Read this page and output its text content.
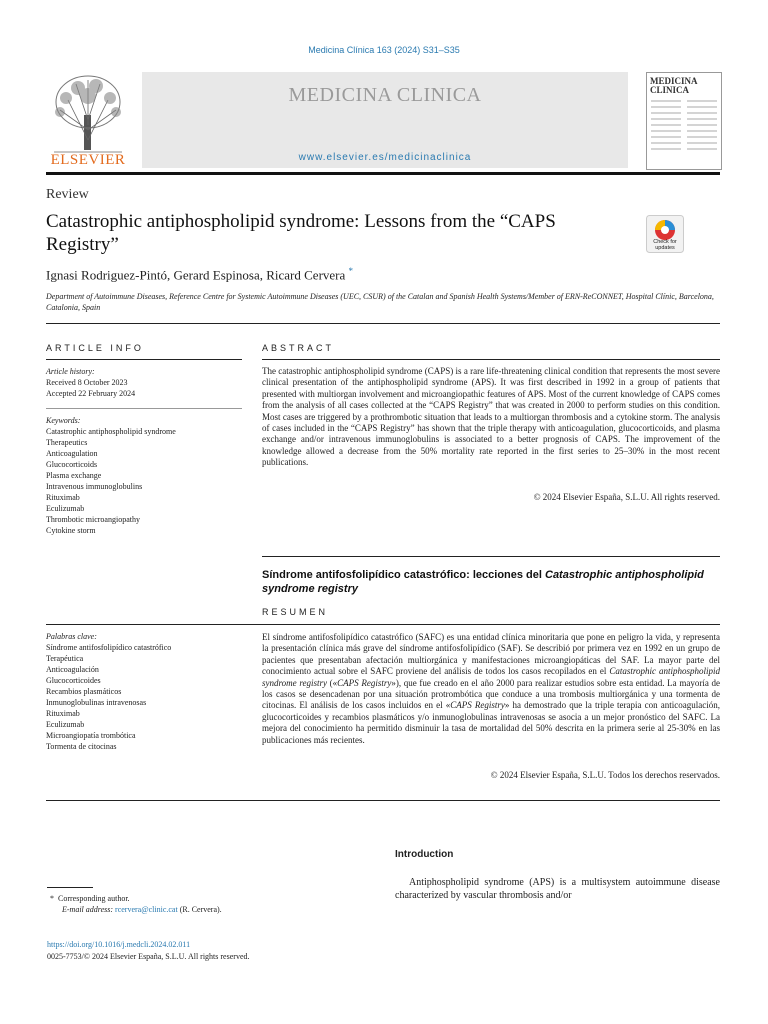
Medicina Clínica 163 (2024) S31–S35
ELSEVIER
MEDICINA CLINICA
www.elsevier.es/medicinaclinica
MEDICINA CLINICA
Review
Catastrophic antiphospholipid syndrome: Lessons from the “CAPS Registry”	Check for updates
Ignasi Rodriguez-Pintó, Gerard Espinosa, Ricard Cervera *
Department of Autoimmune Diseases, Reference Centre for Systemic Autoimmune Diseases (UEC, CSUR) of the Catalan and Spanish Health Systems/Member of ERN-ReCONNET, Hospital Clínic, Barcelona, Catalonia, Spain
ARTICLE INFO
Article history:
Received 8 October 2023
Accepted 22 February 2024
Keywords:
Catastrophic antiphospholipid syndrome
Therapeutics
Anticoagulation
Glucocorticoids
Plasma exchange
Intravenous immunoglobulins
Rituximab
Eculizumab
Thrombotic microangiopathy
Cytokine storm
ABSTRACT
The catastrophic antiphospholipid syndrome (CAPS) is a rare life-threatening clinical condition that represents the most severe clinical presentation of the antiphospholipid syndrome (APS). It was first described in 1992 in a group of patients that presented with multiorgan involvement and microangiopathic features of APS. Most of the current knowledge of CAPS comes from the analysis of all cases collected at the “CAPS Registry” that was created in 2000 to perform studies on this condition. Most cases are triggered by a prothrombotic situation that leads to a multiorgan thrombosis and a cytokine storm. The analysis of cases included in the “CAPS Registry” has shown that the triple therapy with anticoagulation, glucocorticoids, and plasma exchange and/or intravenous immunoglobulins is associated to a better prognosis of CAPS. The improvement of the knowledge allowed a decrease from the 50% mortality rate reported in the first series to 25–30% in the most recent publications.
© 2024 Elsevier España, S.L.U. All rights reserved.
Síndrome antifosfolipídico catastrófico: lecciones del Catastrophic antiphospholipid syndrome registry
RESUMEN
Palabras clave:
Síndrome antifosfolipídico catastrófico
Terapéutica
Anticoagulación
Glucocorticoides
Recambios plasmáticos
Inmunoglobulinas intravenosas
Rituximab
Eculizumab
Microangiopatía trombótica
Tormenta de citocinas
El síndrome antifosfolipídico catastrófico (SAFC) es una entidad clínica minoritaria que pone en peligro la vida, y representa la presentación clínica más grave del síndrome antifosfolipídico (SAF). Se describió por primera vez en 1992 en un grupo de pacientes que presentaban afectación multiorgánica y manifestaciones microangiopáticas del SAF. La mayor parte del conocimiento actual sobre el SAFC proviene del análisis de todos los casos recopilados en el Catastrophic antiphospholipid syndrome registry («CAPS Registry»), que fue creado en el año 2000 para realizar estudios sobre esta entidad. La mayoría de los casos se desencadenan por una situación protrombótica que conduce a una trombosis multiorgánica y una tormenta de citocinas. El análisis de los casos incluidos en el «CAPS Registry» ha demostrado que la triple terapia con anticoagulación, glucocorticoides y recambios plasmáticos y/o inmunoglobulinas intravenosas se asocia a un mejor pronóstico del SAFC. La mejora del conocimiento ha permitido disminuir la tasa de mortalidad del 50% descrita en la primera serie al 25-30% en las publicaciones más recientes.
© 2024 Elsevier España, S.L.U. Todos los derechos reservados.
Introduction
Antiphospholipid syndrome (APS) is a multisystem autoimmune disease characterized by vascular thrombosis and/or
* Corresponding author.
E-mail address: rcervera@clinic.cat (R. Cervera).
https://doi.org/10.1016/j.medcli.2024.02.011
0025-7753/© 2024 Elsevier España, S.L.U. All rights reserved.
